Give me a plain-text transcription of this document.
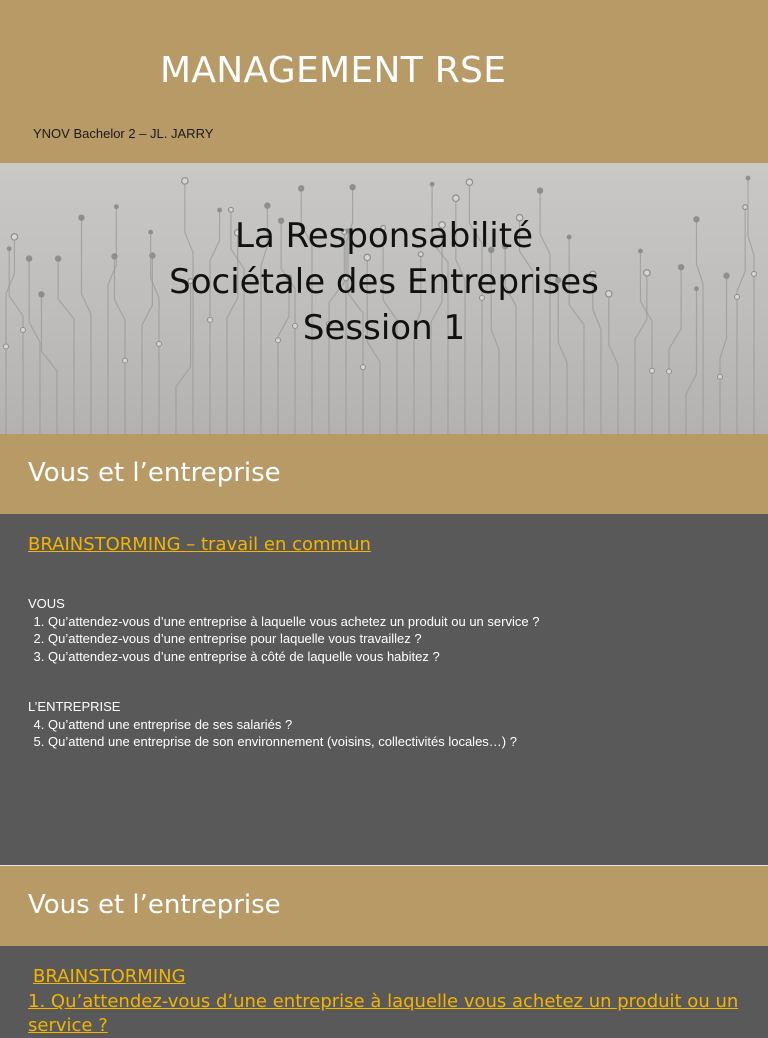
MANAGEMENT RSE
YNOV Bachelor 2 – JL. JARRY
La Responsabilité
Sociétale des Entreprises
Session 1
Vous et l’entreprise
BRAINSTORMING – travail en commun
VOUS
1. Qu’attendez-vous d’une entreprise à laquelle vous achetez un produit ou un service ?
2. Qu’attendez-vous d’une entreprise pour laquelle vous travaillez ?
3. Qu’attendez-vous d’une entreprise à côté de laquelle vous habitez ?
L’ENTREPRISE
4. Qu’attend une entreprise de ses salariés ?
5. Qu’attend une entreprise de son environnement (voisins, collectivités locales…) ?
Vous et l’entreprise
BRAINSTORMING
1. Qu’attendez-vous d’une entreprise à laquelle vous achetez un produit ou un service ?
